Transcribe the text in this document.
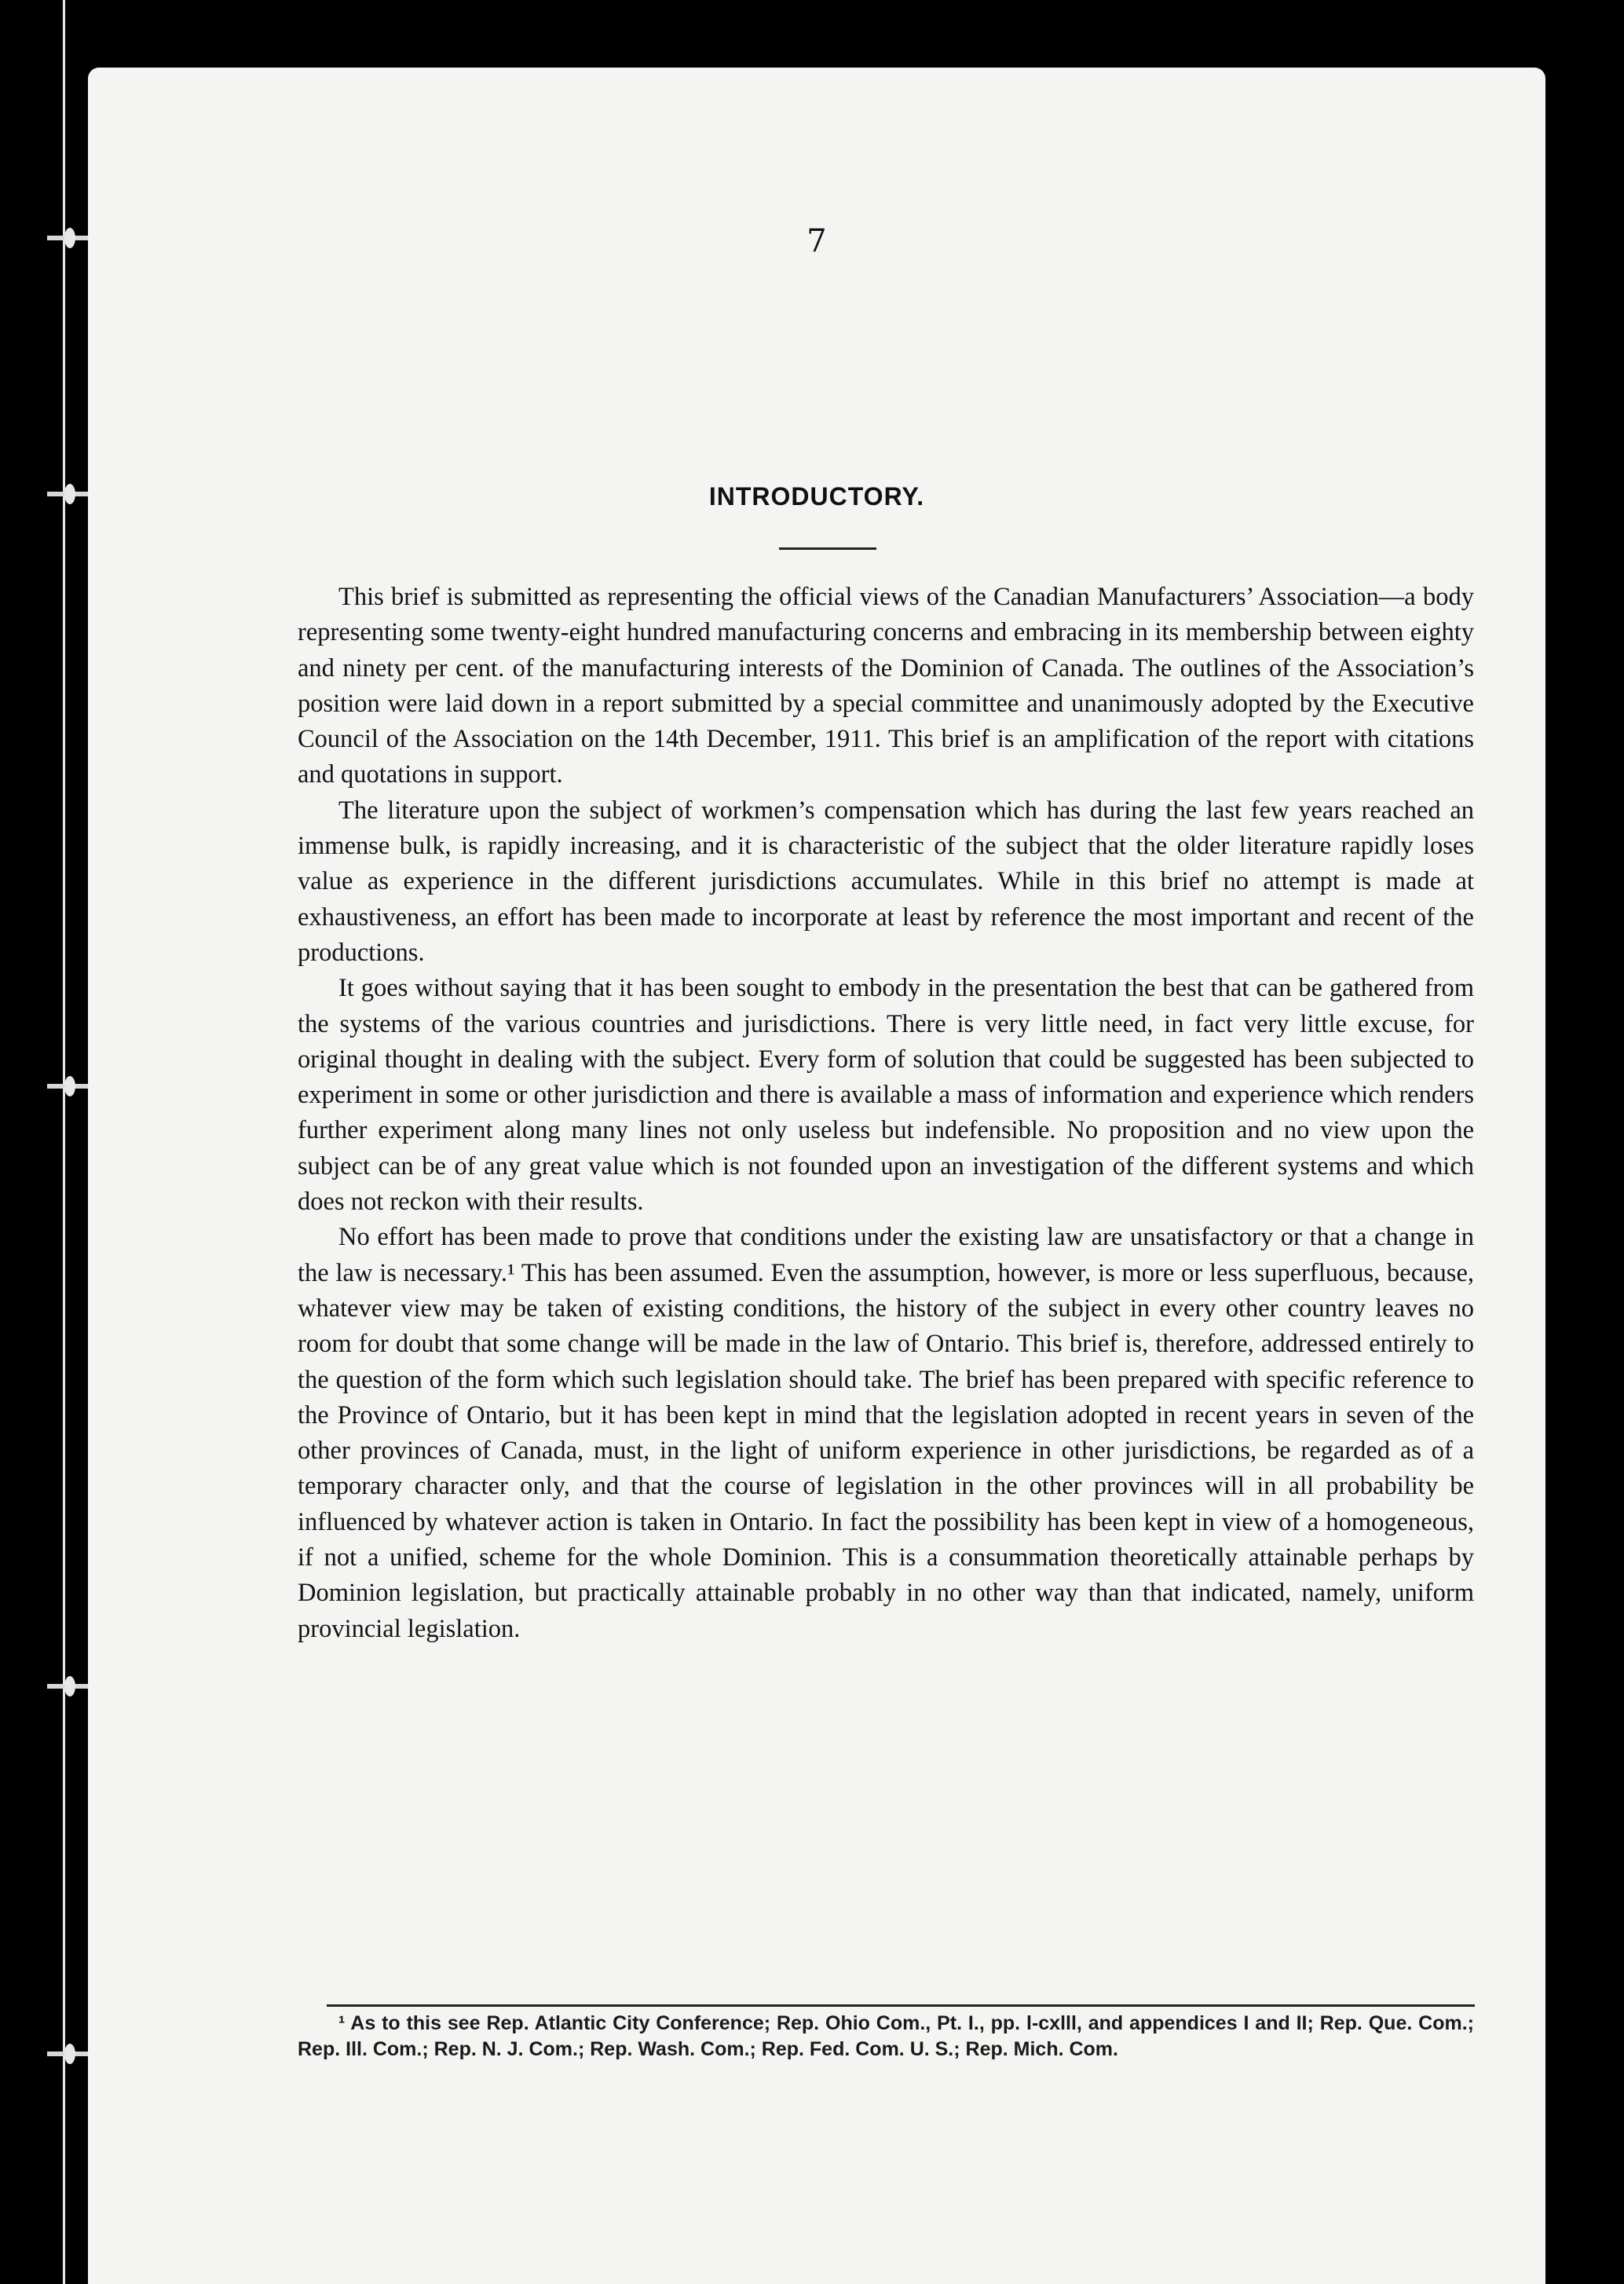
7
INTRODUCTORY.

This brief is submitted as representing the official views of the Canadian Manufacturers’ Association—a body representing some twenty-eight hundred manufacturing concerns and embracing in its membership between eighty and ninety per cent. of the manufacturing interests of the Dominion of Canada. The outlines of the Association’s position were laid down in a report submitted by a special committee and unanimously adopted by the Executive Council of the Association on the 14th December, 1911. This brief is an amplification of the report with citations and quotations in support.

The literature upon the subject of workmen’s compensation which has during the last few years reached an immense bulk, is rapidly increasing, and it is characteristic of the subject that the older literature rapidly loses value as experience in the different jurisdictions accumulates. While in this brief no attempt is made at exhaustiveness, an effort has been made to incorporate at least by reference the most important and recent of the productions.

It goes without saying that it has been sought to embody in the presentation the best that can be gathered from the systems of the various countries and jurisdictions. There is very little need, in fact very little excuse, for original thought in dealing with the subject. Every form of solution that could be suggested has been subjected to experiment in some or other jurisdiction and there is available a mass of information and experience which renders further experiment along many lines not only useless but indefensible. No proposition and no view upon the subject can be of any great value which is not founded upon an investigation of the different systems and which does not reckon with their results.

No effort has been made to prove that conditions under the existing law are unsatisfactory or that a change in the law is necessary.¹ This has been assumed. Even the assumption, however, is more or less superfluous, because, whatever view may be taken of existing conditions, the history of the subject in every other country leaves no room for doubt that some change will be made in the law of Ontario. This brief is, therefore, addressed entirely to the question of the form which such legislation should take. The brief has been prepared with specific reference to the Province of Ontario, but it has been kept in mind that the legislation adopted in recent years in seven of the other provinces of Canada, must, in the light of uniform experience in other jurisdictions, be regarded as of a temporary character only, and that the course of legislation in the other provinces will in all probability be influenced by whatever action is taken in Ontario. In fact the possibility has been kept in view of a homogeneous, if not a unified, scheme for the whole Dominion. This is a consummation theoretically attainable perhaps by Dominion legislation, but practically attainable probably in no other way than that indicated, namely, uniform provincial legislation.

¹ As to this see Rep. Atlantic City Conference; Rep. Ohio Com., Pt. I., pp. l-cxlll, and appendices I and II; Rep. Que. Com.; Rep. Ill. Com.; Rep. N. J. Com.; Rep. Wash. Com.; Rep. Fed. Com. U. S.; Rep. Mich. Com.
